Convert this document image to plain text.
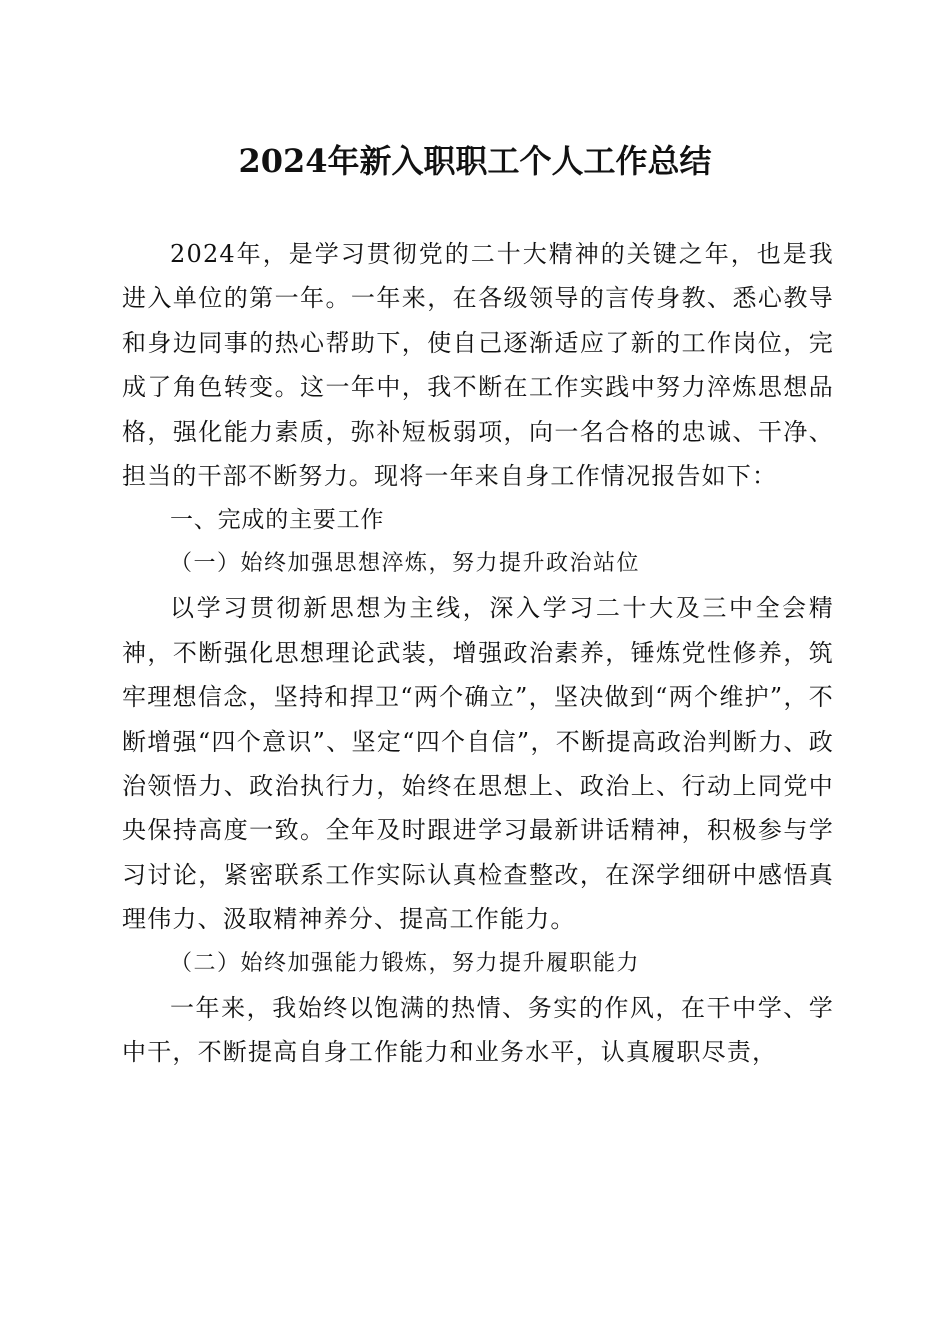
2024年新入职职工个人工作总结

2024年，是学习贯彻党的二十大精神的关键之年，也是我进入单位的第一年。一年来，在各级领导的言传身教、悉心教导和身边同事的热心帮助下，使自己逐渐适应了新的工作岗位，完成了角色转变。这一年中，我不断在工作实践中努力淬炼思想品格，强化能力素质，弥补短板弱项，向一名合格的忠诚、干净、担当的干部不断努力。现将一年来自身工作情况报告如下：

一、完成的主要工作

（一）始终加强思想淬炼，努力提升政治站位

以学习贯彻新思想为主线，深入学习二十大及三中全会精神，不断强化思想理论武装，增强政治素养，锤炼党性修养，筑牢理想信念，坚持和捍卫“两个确立”，坚决做到“两个维护”，不断增强“四个意识”、坚定“四个自信”，不断提高政治判断力、政治领悟力、政治执行力，始终在思想上、政治上、行动上同党中央保持高度一致。全年及时跟进学习最新讲话精神，积极参与学习讨论，紧密联系工作实际认真检查整改，在深学细研中感悟真理伟力、汲取精神养分、提高工作能力。

（二）始终加强能力锻炼，努力提升履职能力

一年来，我始终以饱满的热情、务实的作风，在干中学、学中干，不断提高自身工作能力和业务水平，认真履职尽责，
